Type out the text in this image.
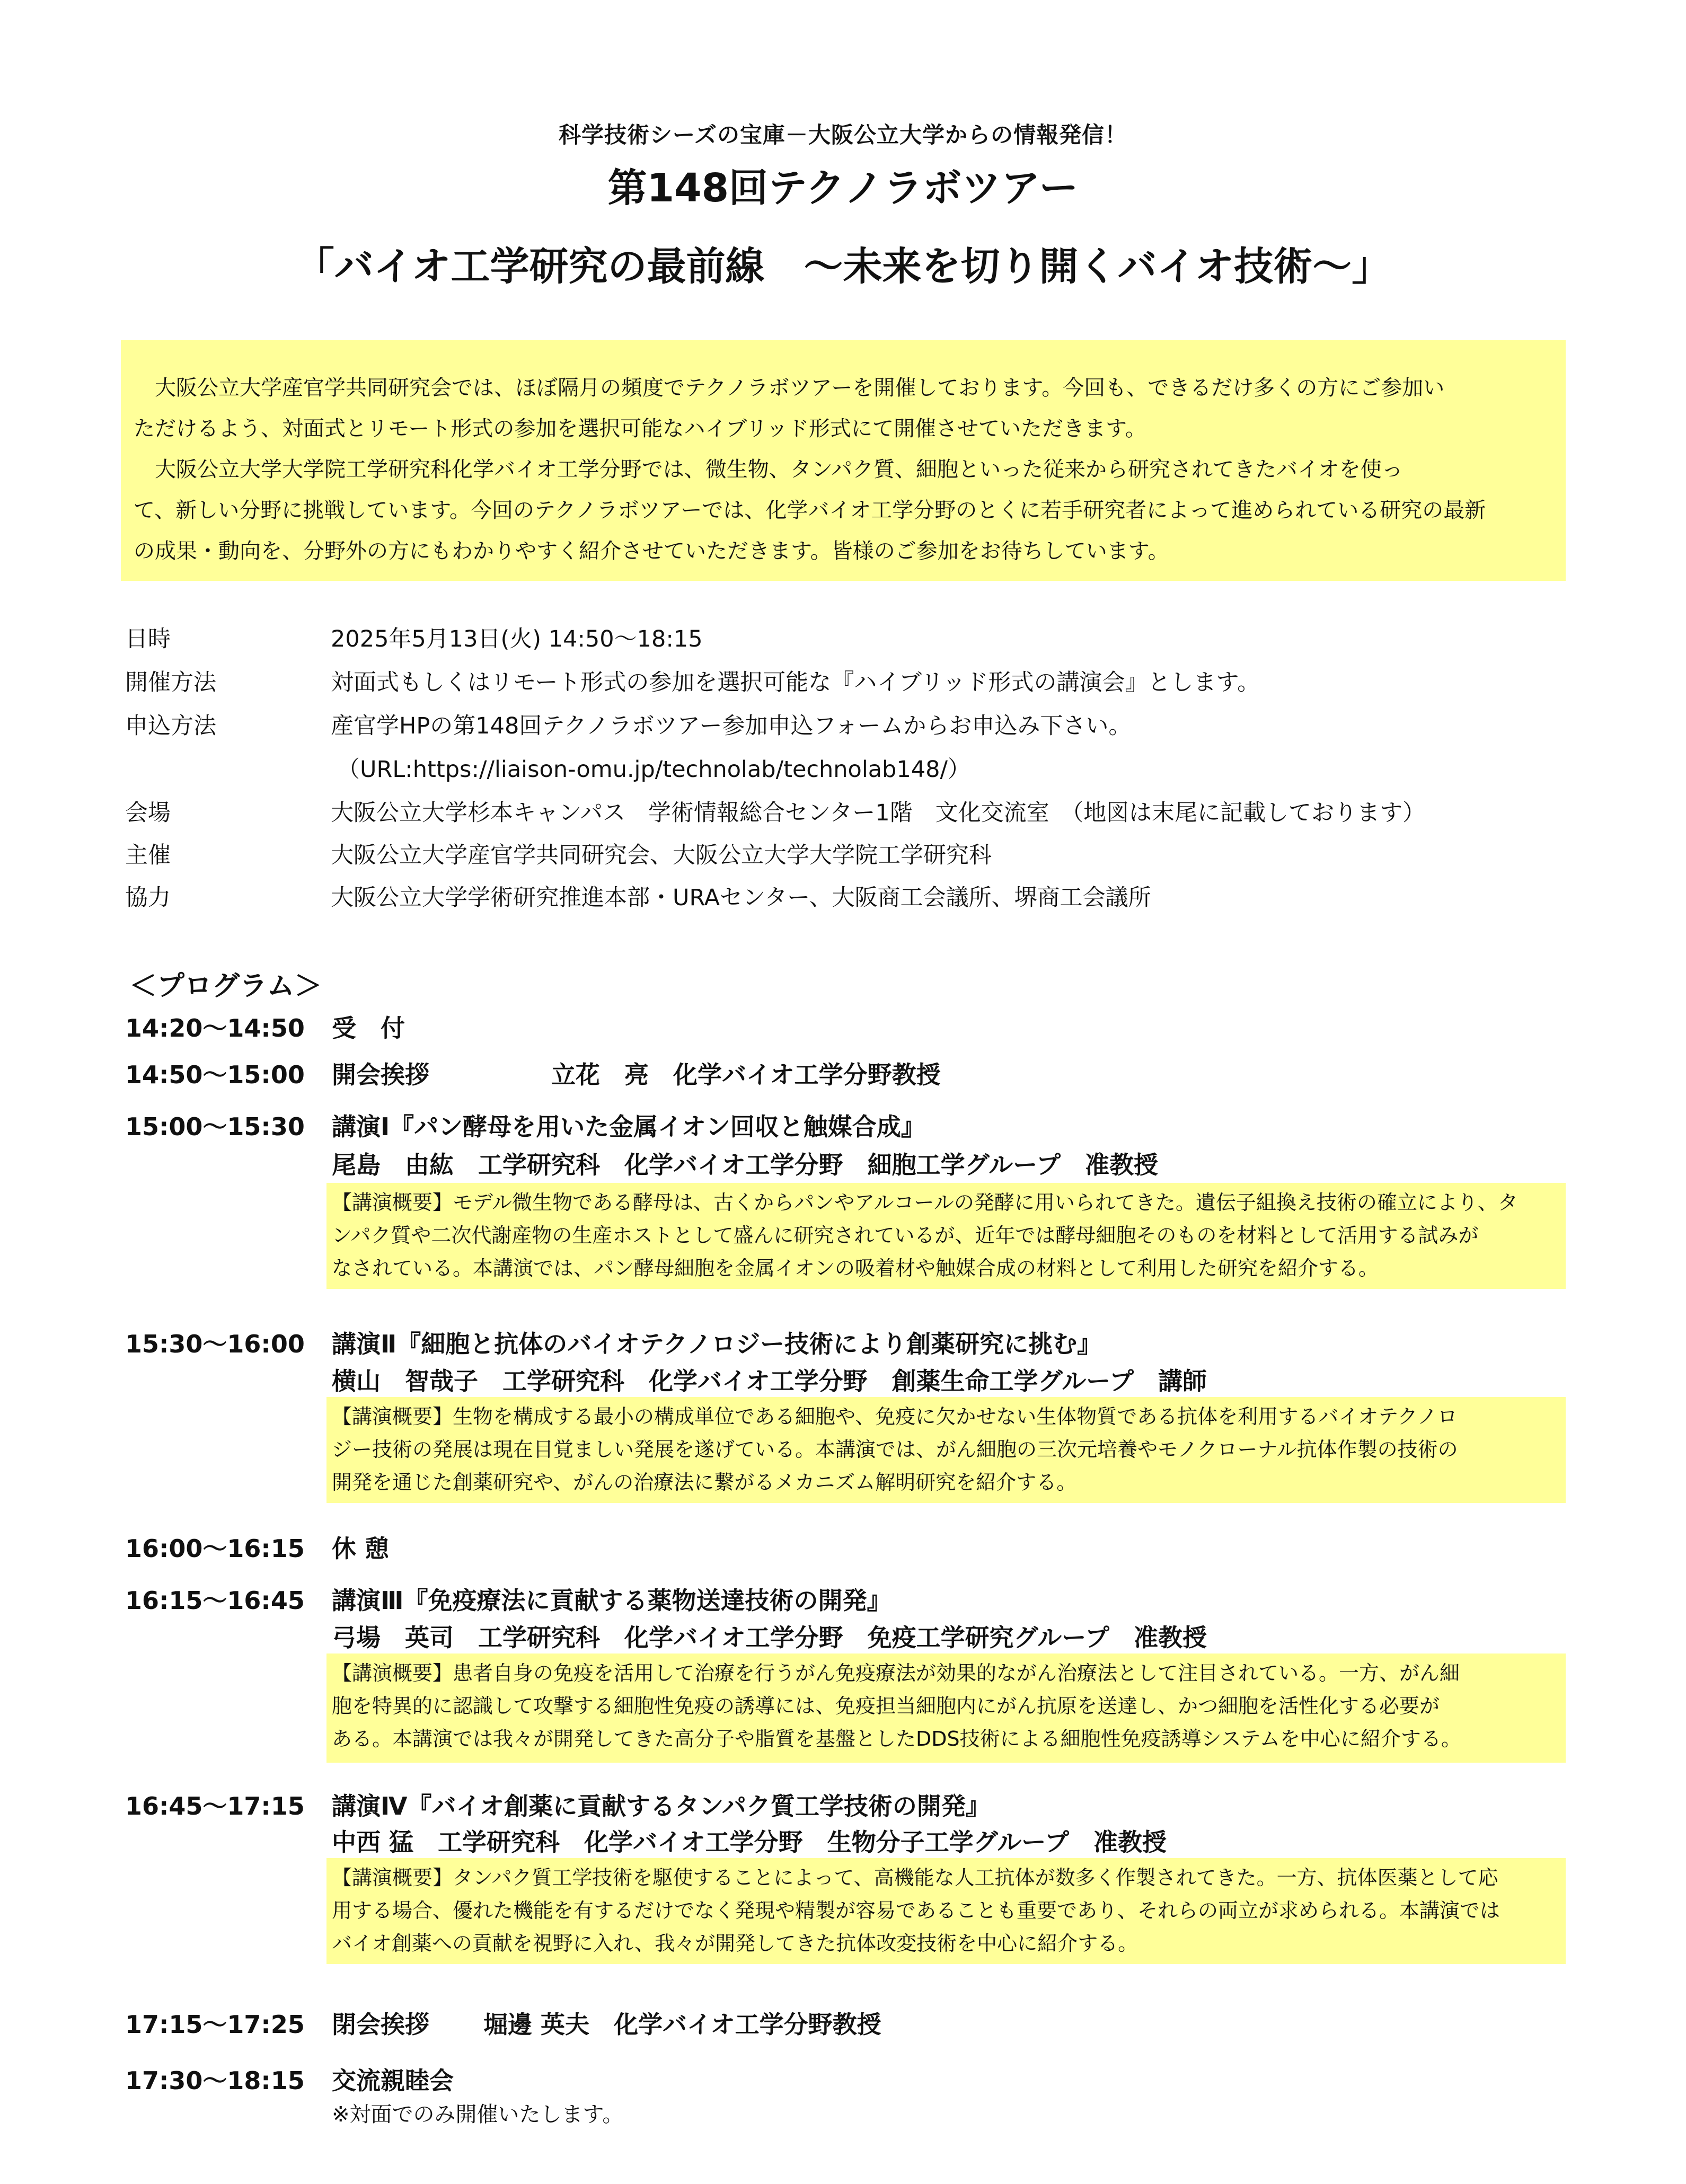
科学技術シーズの宝庫－大阪公立大学からの情報発信！
第148回テクノラボツアー
「バイオ工学研究の最前線　～未来を切り開くバイオ技術～」

　大阪公立大学産官学共同研究会では、ほぼ隔月の頻度でテクノラボツアーを開催しております。今回も、できるだけ多くの方にご参加い

ただけるよう、対面式とリモート形式の参加を選択可能なハイブリッド形式にて開催させていただきます。

　大阪公立大学大学院工学研究科化学バイオ工学分野では、微生物、タンパク質、細胞といった従来から研究されてきたバイオを使っ

て、新しい分野に挑戦しています。今回のテクノラボツアーでは、化学バイオ工学分野のとくに若手研究者によって進められている研究の最新

の成果・動向を、分野外の方にもわかりやすく紹介させていただきます。皆様のご参加をお待ちしています。

日時	2025年5月13日(火) 14:50～18:15
開催方法	対面式もしくはリモート形式の参加を選択可能な『ハイブリッド形式の講演会』とします。
申込方法	産官学HPの第148回テクノラボツアー参加申込フォームからお申込み下さい。
（URL:https://liaison-omu.jp/technolab/technolab148/）
会場	大阪公立大学杉本キャンパス　学術情報総合センター1階　文化交流室　（地図は末尾に記載しております）
主催	大阪公立大学産官学共同研究会、大阪公立大学大学院工学研究科
協力	大阪公立大学学術研究推進本部・URAセンター、大阪商工会議所、堺商工会議所
＜プログラム＞
14:20～14:50 受　付
14:50～15:00 開会挨拶	立花　亮　化学バイオ工学分野教授
15:00～15:30 講演Ⅰ『パン酵母を用いた金属イオン回収と触媒合成』
尾島　由紘　工学研究科　化学バイオ工学分野　細胞工学グループ　准教授

【講演概要】モデル微生物である酵母は、古くからパンやアルコールの発酵に用いられてきた。遺伝子組換え技術の確立により、タ

ンパク質や二次代謝産物の生産ホストとして盛んに研究されているが、近年では酵母細胞そのものを材料として活用する試みが

なされている。本講演では、パン酵母細胞を金属イオンの吸着材や触媒合成の材料として利用した研究を紹介する。

15:30～16:00 講演Ⅱ『細胞と抗体のバイオテクノロジー技術により創薬研究に挑む』
横山　智哉子　工学研究科　化学バイオ工学分野　創薬生命工学グループ　講師

【講演概要】生物を構成する最小の構成単位である細胞や、免疫に欠かせない生体物質である抗体を利用するバイオテクノロ

ジー技術の発展は現在目覚ましい発展を遂げている。本講演では、がん細胞の三次元培養やモノクローナル抗体作製の技術の

開発を通じた創薬研究や、がんの治療法に繋がるメカニズム解明研究を紹介する。

16:00～16:15 休 憩
16:15～16:45 講演Ⅲ『免疫療法に貢献する薬物送達技術の開発』
弓場　英司　工学研究科　化学バイオ工学分野　免疫工学研究グループ　准教授

【講演概要】患者自身の免疫を活用して治療を行うがん免疫療法が効果的ながん治療法として注目されている。一方、がん細

胞を特異的に認識して攻撃する細胞性免疫の誘導には、免疫担当細胞内にがん抗原を送達し、かつ細胞を活性化する必要が

ある。本講演では我々が開発してきた高分子や脂質を基盤としたDDS技術による細胞性免疫誘導システムを中心に紹介する。

16:45～17:15 講演Ⅳ『バイオ創薬に貢献するタンパク質工学技術の開発』
中西 猛　工学研究科　化学バイオ工学分野　生物分子工学グループ　准教授

【講演概要】タンパク質工学技術を駆使することによって、高機能な人工抗体が数多く作製されてきた。一方、抗体医薬として応

用する場合、優れた機能を有するだけでなく発現や精製が容易であることも重要であり、それらの両立が求められる。本講演では

バイオ創薬への貢献を視野に入れ、我々が開発してきた抗体改変技術を中心に紹介する。

17:15～17:25 閉会挨拶 堀邊 英夫　化学バイオ工学分野教授
17:30～18:15 交流親睦会
※対面でのみ開催いたします。
